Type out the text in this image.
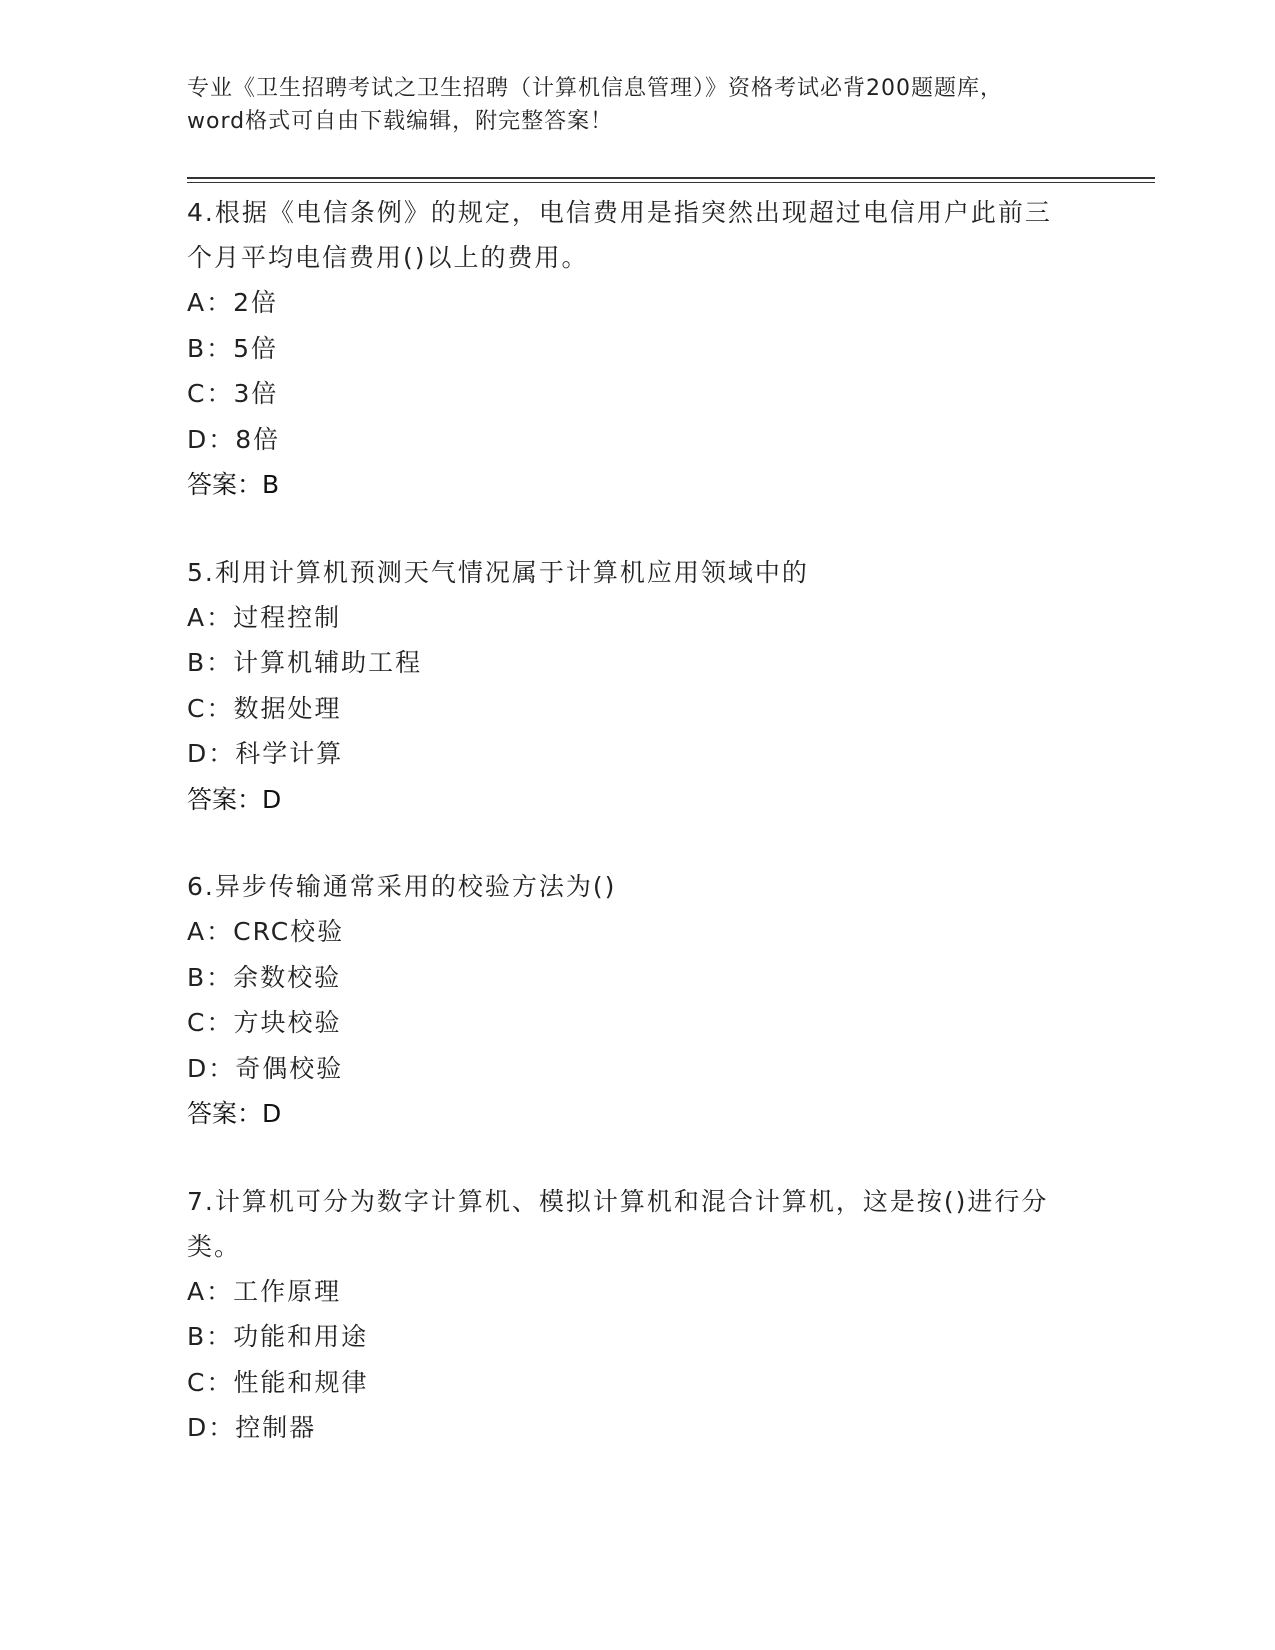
专业《卫生招聘考试之卫生招聘（计算机信息管理）》资格考试必背200题题库，
word格式可自由下载编辑，附完整答案！
4.根据《电信条例》的规定，电信费用是指突然出现超过电信用户此前三个月平均电信费用()以上的费用。
A：2倍
B：5倍
C：3倍
D：8倍
答案：B
5.利用计算机预测天气情况属于计算机应用领域中的
A：过程控制
B：计算机辅助工程
C：数据处理
D：科学计算
答案：D
6.异步传输通常采用的校验方法为()
A：CRC校验
B：余数校验
C：方块校验
D：奇偶校验
答案：D
7.计算机可分为数字计算机、模拟计算机和混合计算机，这是按()进行分类。
A：工作原理
B：功能和用途
C：性能和规律
D：控制器
